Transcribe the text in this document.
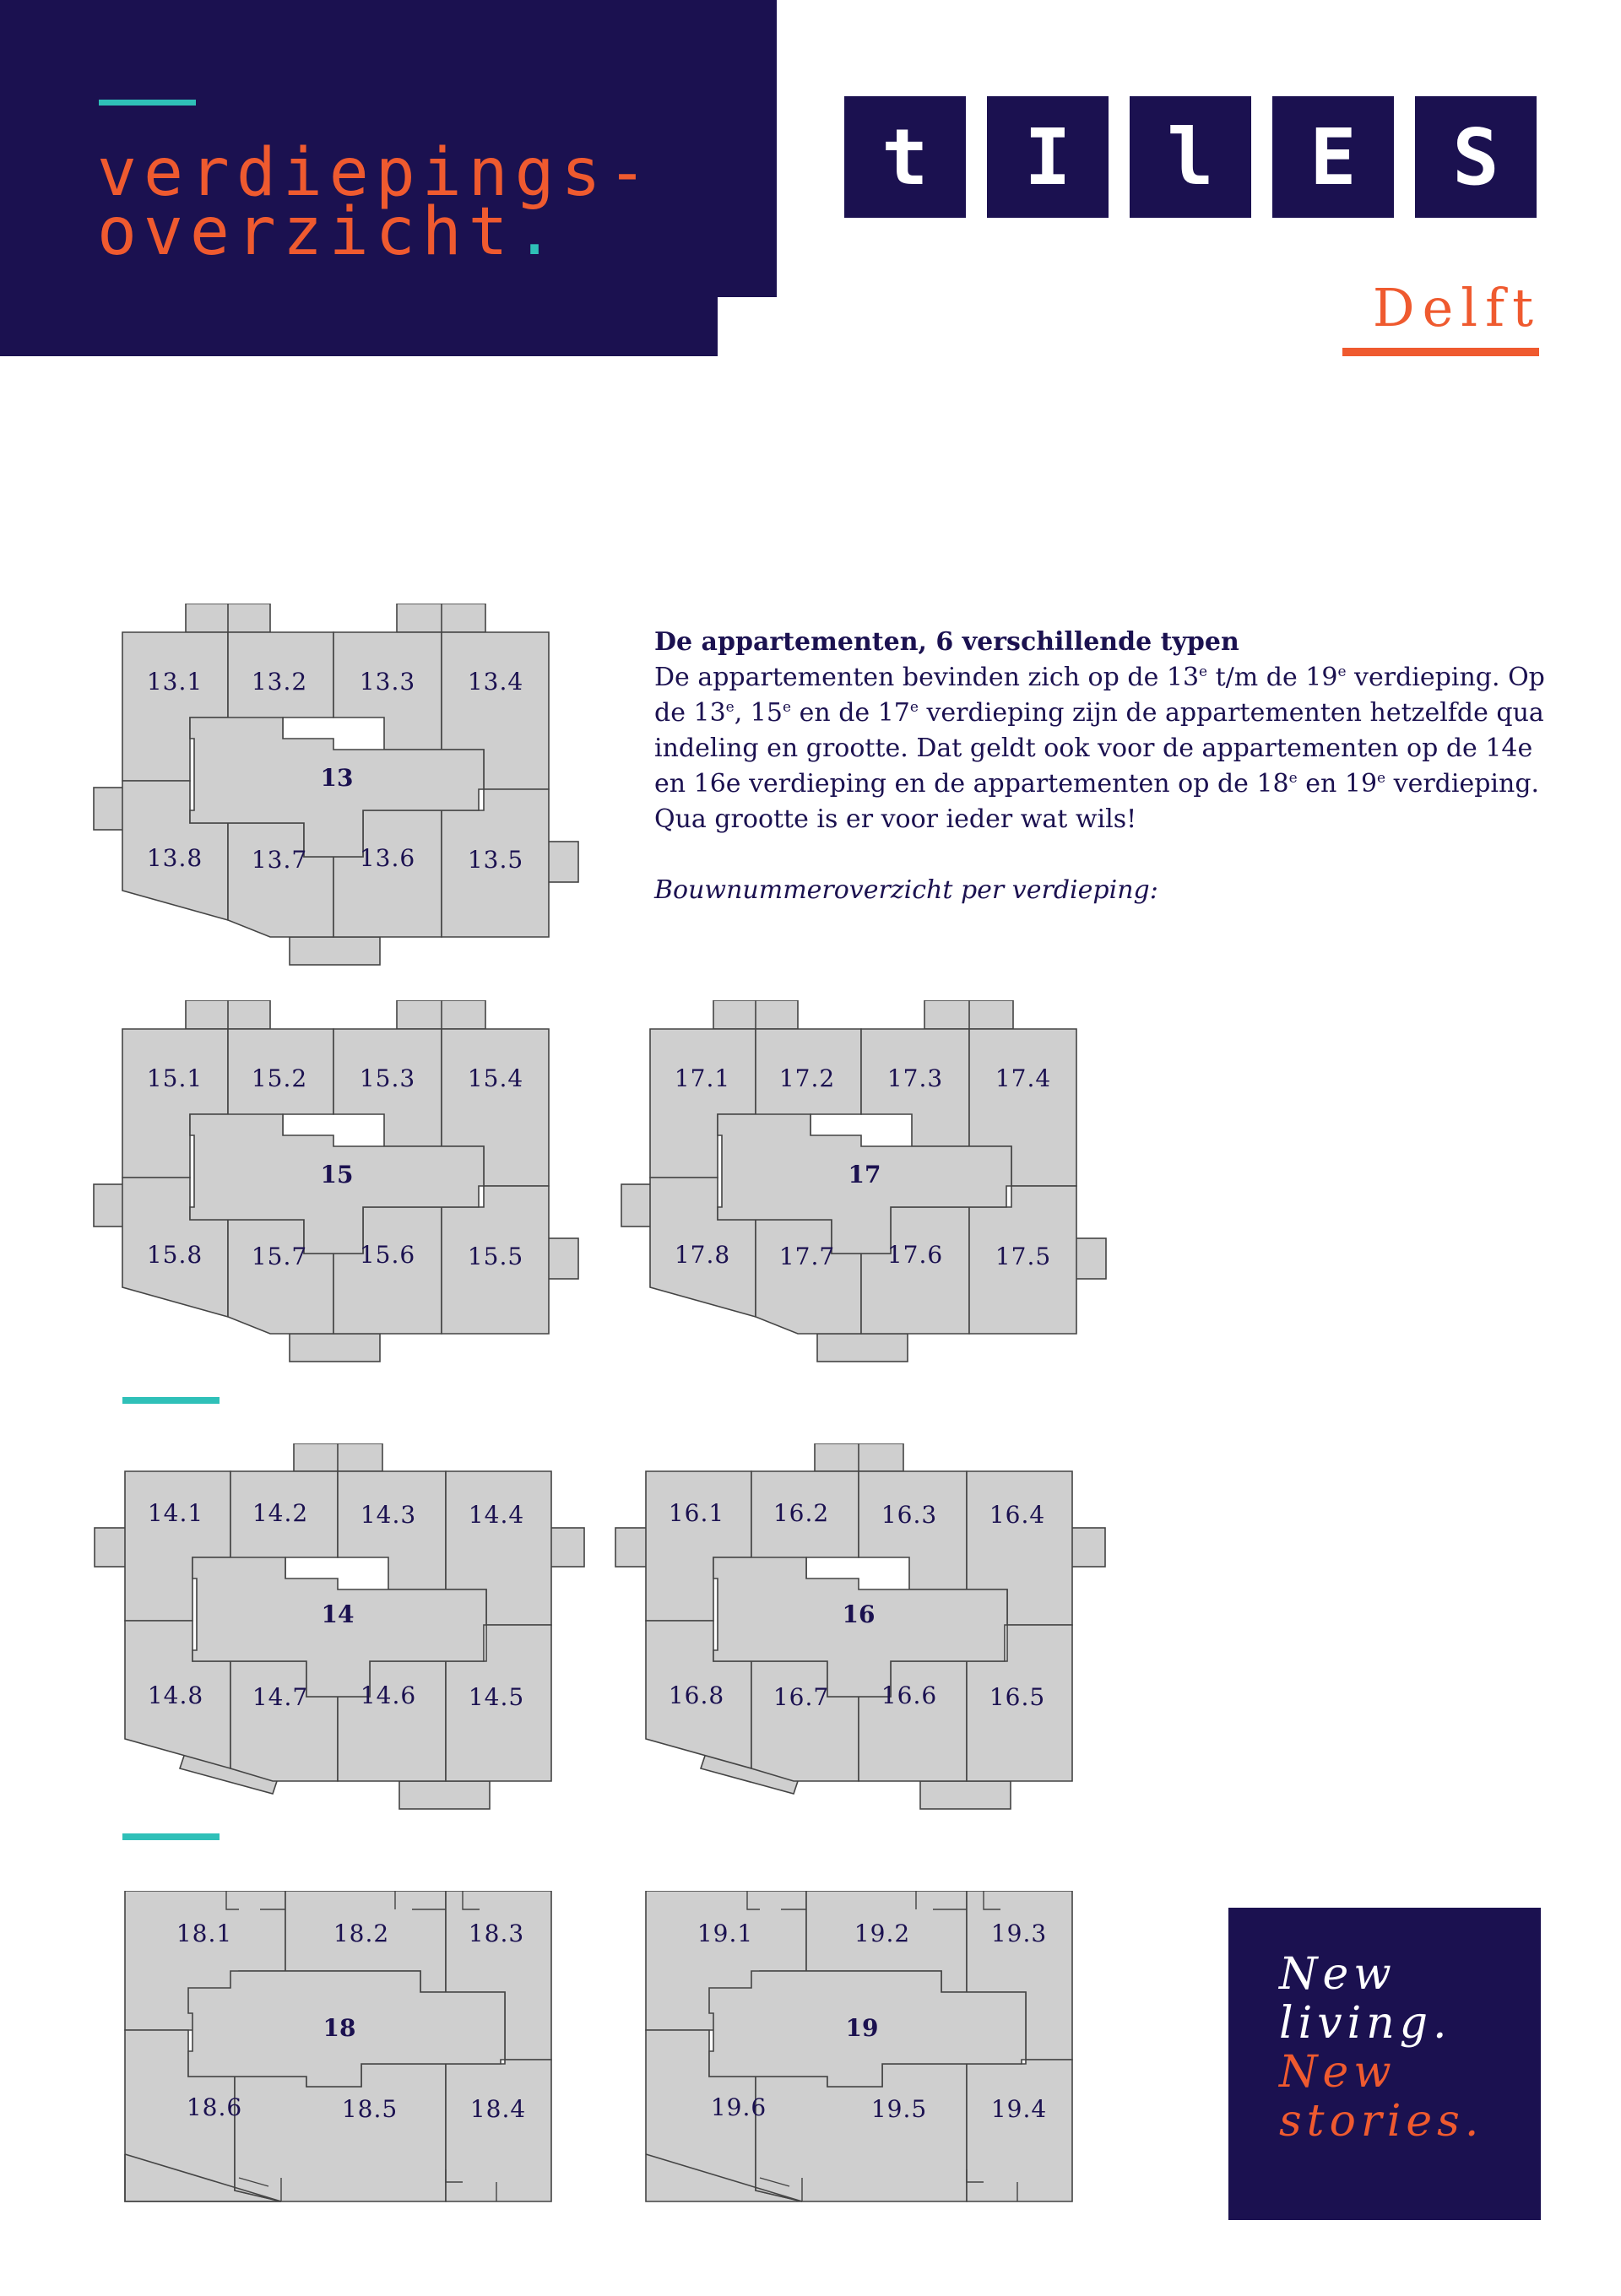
verdiepings-
overzicht.
t I l E S

Delft

De appartementen, 6 verschillende typen

De appartementen bevinden zich op de 13e t/m de 19e verdieping. Op de 13e, 15e en de 17e verdieping zijn de appartementen hetzelfde qua indeling en grootte. Dat geldt ook voor de appartementen op de 14e en 16e verdieping en de appartementen op de 18e en 19e verdieping. Qua grootte is er voor ieder wat wils!

Bouwnummeroverzicht per verdieping:

13.1 13.2 13.3 13.4
13.5
13.6
13.7
13.8
13
15.1 15.2 15.3 15.4
15.5
15.6
15.7
15.8
15
17.1 17.2 17.3 17.4
17.5
17.6
17.7
17.8
17
14.1 14.2 14.3 14.4
14.5
14.6
14.7
14.8
14
16.1 16.2 16.3 16.4
16.5
16.6
16.7
16.8
16
18.1	18.2	18.3
18.4
18.5
18.6
18
19.1	19.2	19.3
19.4
19.5
19.6
19
New
living.
New
stories.
